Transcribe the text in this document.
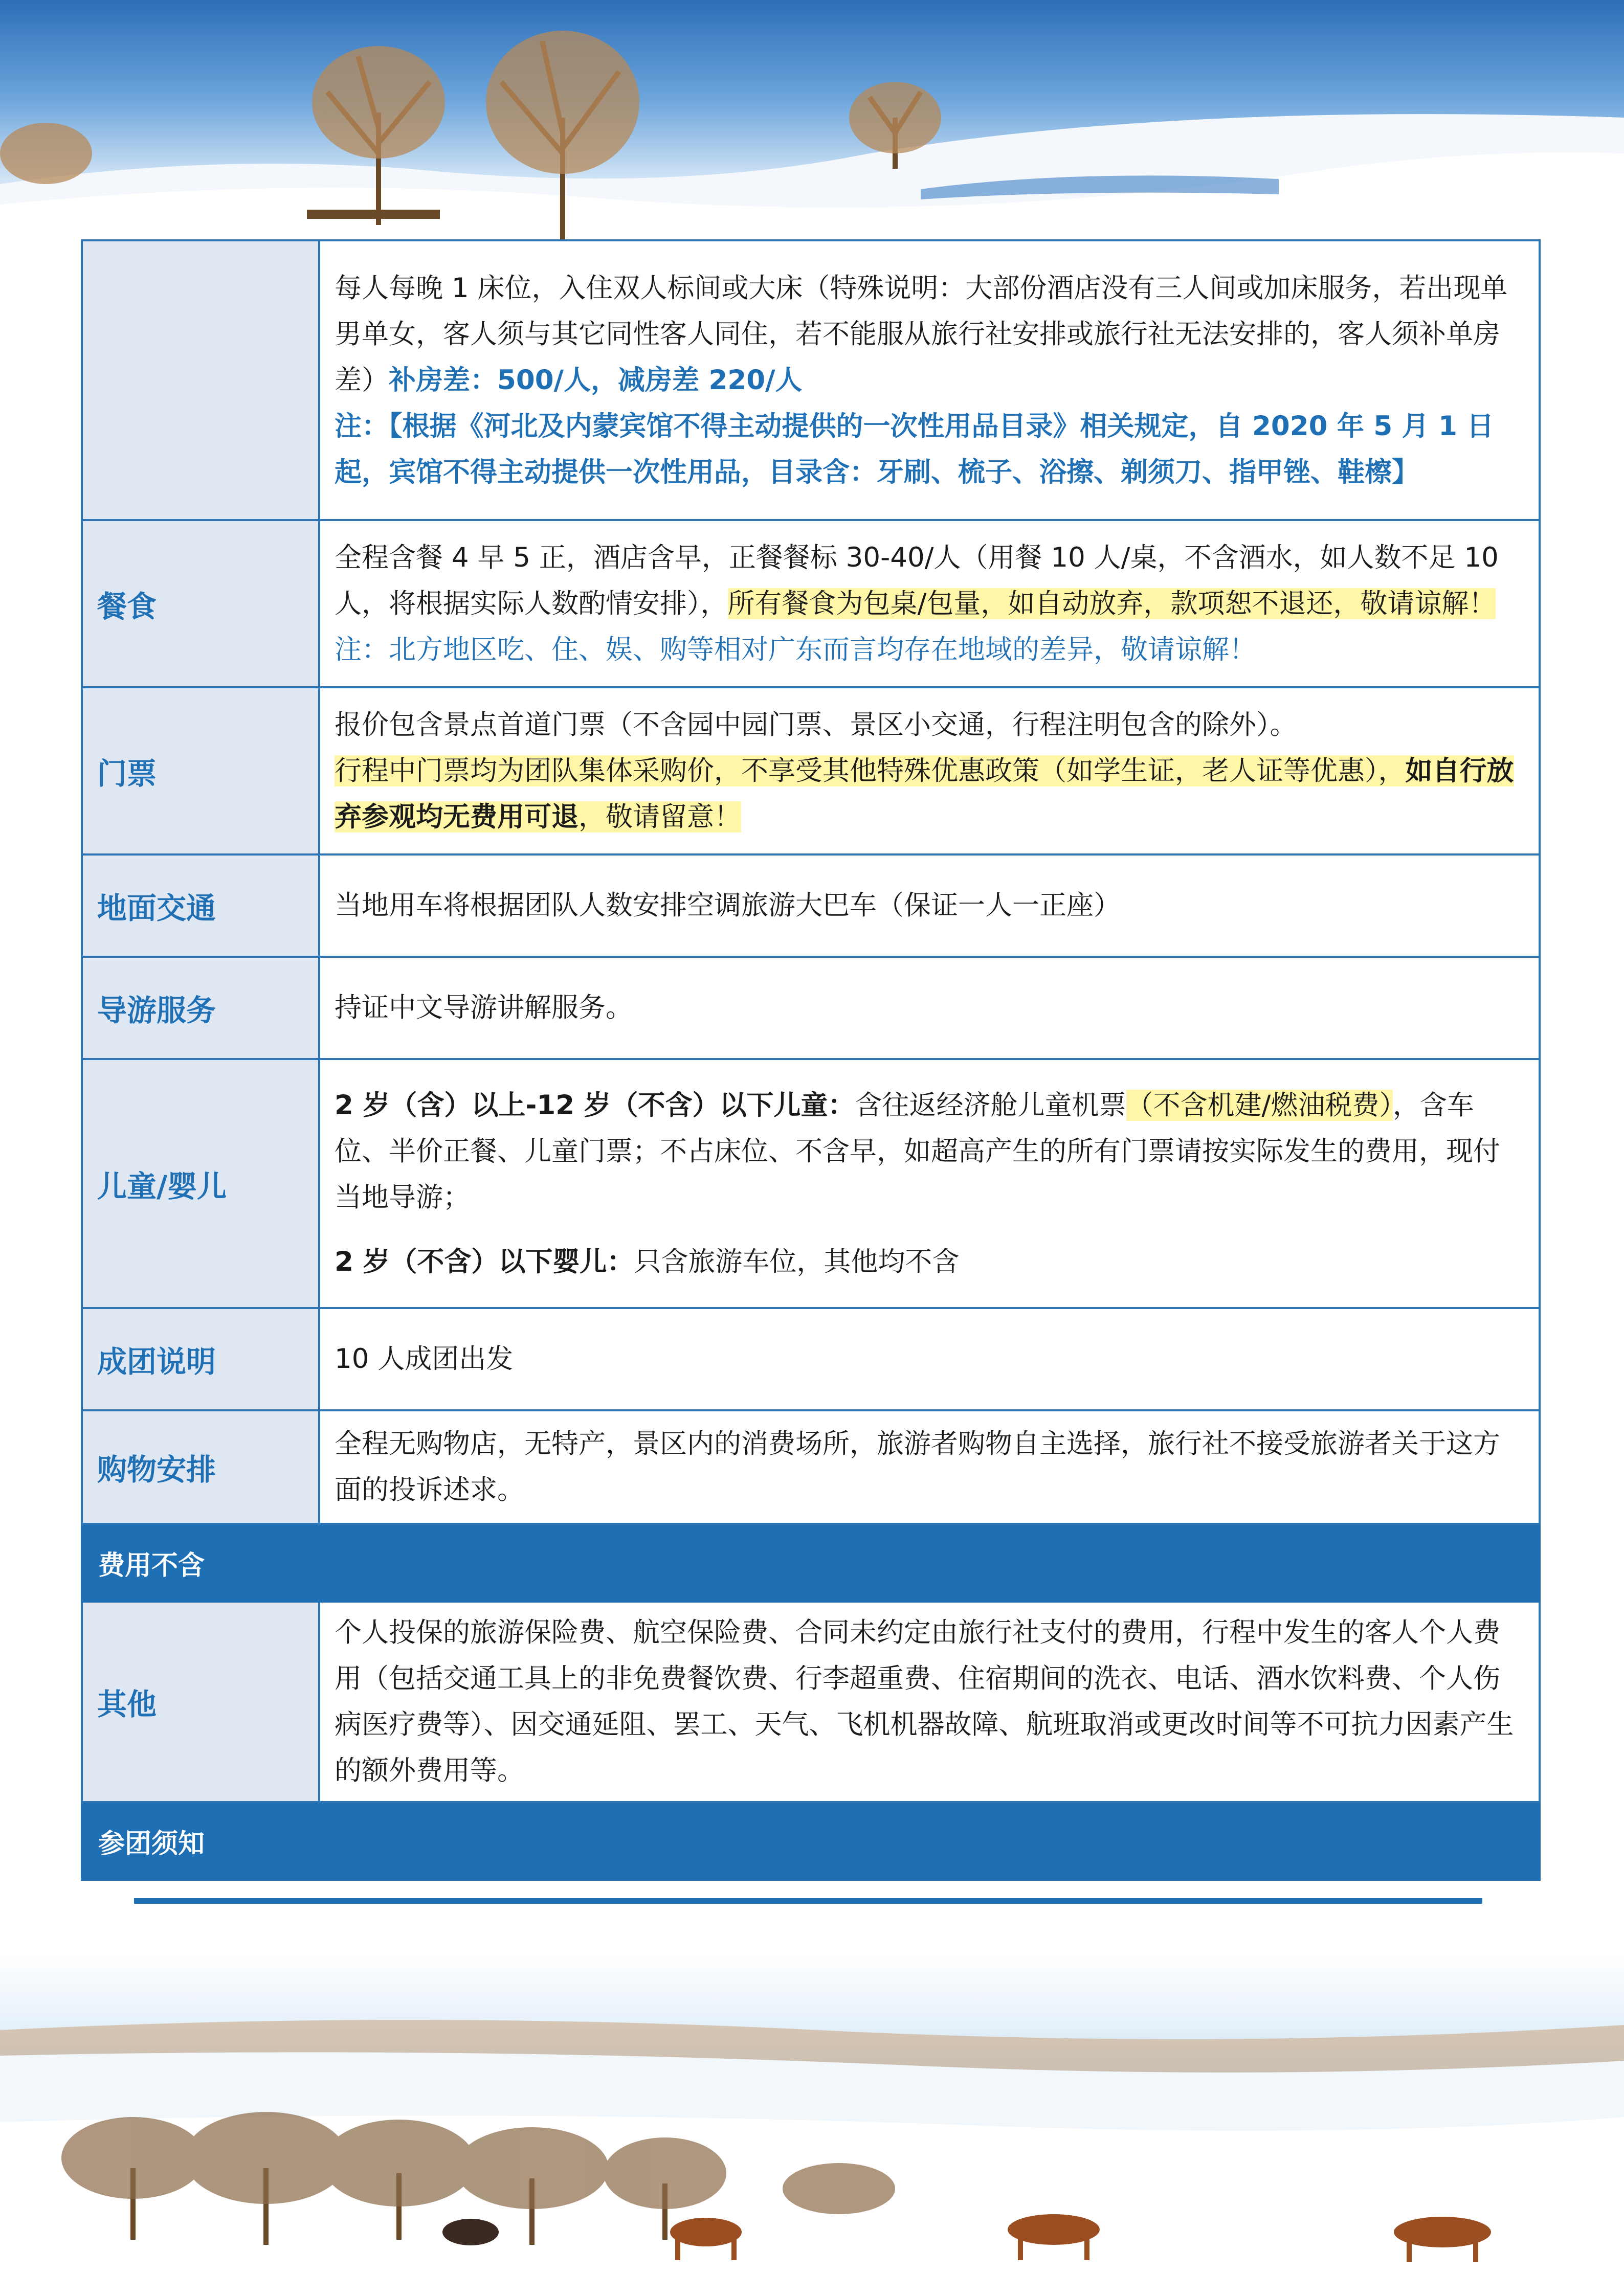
	每人每晚 1 床位，入住双人标间或大床（特殊说明：大部份酒店没有三人间或加床服务，若出现单男单女，客人须与其它同性客人同住，若不能服从旅行社安排或旅行社无法安排的，客人须补单房差）补房差：500/人，减房差 220/人

注：【根据《河北及内蒙宾馆不得主动提供的一次性用品目录》相关规定，自 2020 年 5 月 1 日起，宾馆不得主动提供一次性用品，目录含：牙刷、梳子、浴擦、剃须刀、指甲锉、鞋檫】

餐食	全程含餐 4 早 5 正，酒店含早，正餐餐标 30-40/人（用餐 10 人/桌，不含酒水，如人数不足 10 人，将根据实际人数酌情安排），所有餐食为包桌/包量，如自动放弃，款项恕不退还，敬请谅解！

注：北方地区吃、住、娱、购等相对广东而言均存在地域的差异，敬请谅解！

门票	报价包含景点首道门票（不含园中园门票、景区小交通，行程注明包含的除外）。

行程中门票均为团队集体采购价，不享受其他特殊优惠政策（如学生证，老人证等优惠），如自行放弃参观均无费用可退，敬请留意！

地面交通	当地用车将根据团队人数安排空调旅游大巴车（保证一人一正座）
导游服务	持证中文导游讲解服务。
儿童/婴儿	2 岁（含）以上-12 岁（不含）以下儿童：含往返经济舱儿童机票（不含机建/燃油税费），含车位、半价正餐、儿童门票；不占床位、不含早，如超高产生的所有门票请按实际发生的费用，现付当地导游；

2 岁（不含）以下婴儿：只含旅游车位，其他均不含

成团说明	10 人成团出发
购物安排	全程无购物店，无特产，景区内的消费场所，旅游者购物自主选择，旅行社不接受旅游者关于这方面的投诉述求。
费用不含	
其他	个人投保的旅游保险费、航空保险费、合同未约定由旅行社支付的费用，行程中发生的客人个人费用（包括交通工具上的非免费餐饮费、行李超重费、住宿期间的洗衣、电话、酒水饮料费、个人伤病医疗费等）、因交通延阻、罢工、天气、飞机机器故障、航班取消或更改时间等不可抗力因素产生的额外费用等。
参团须知	
